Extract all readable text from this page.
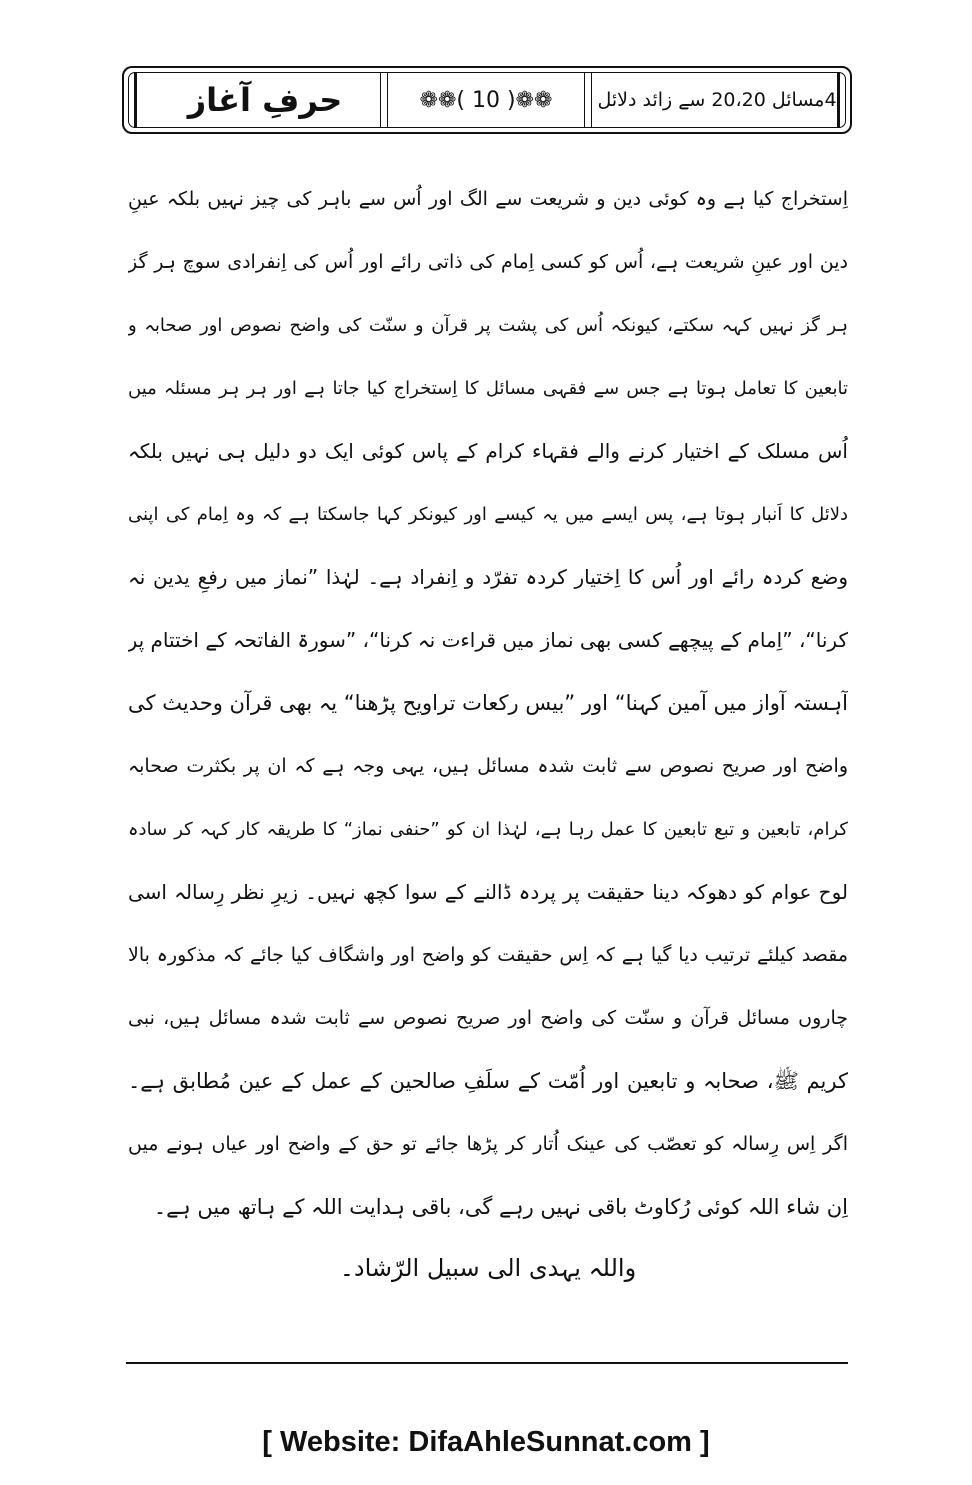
4مسائل 20،20 سے زائد دلائل
❁❁( 10 )❁❁
حرفِ آغاز
اِستخراج کیا ہے وہ کوئی دین و شریعت سے الگ اور اُس سے باہر کی چیز نہیں بلکہ عینِ
دین اور عینِ شریعت ہے، اُس کو کسی اِمام کی ذاتی رائے اور اُس کی اِنفرادی سوچ ہر گز
ہر گز نہیں کہہ سکتے، کیونکہ اُس کی پشت پر قرآن و سنّت کی واضح نصوص اور صحابہ و
تابعین کا تعامل ہوتا ہے جس سے فقہی مسائل کا اِستخراج کیا جاتا ہے اور ہر ہر مسئلہ میں
اُس مسلک کے اختیار کرنے والے فقہاء کرام کے پاس کوئی ایک دو دلیل ہی نہیں بلکہ
دلائل کا اَنبار ہوتا ہے، پس ایسے میں یہ کیسے اور کیونکر کہا جاسکتا ہے کہ وہ اِمام کی اپنی
وضع کردہ رائے اور اُس کا اِختیار کردہ تفرّد و اِنفراد ہے۔ لہٰذا ”نماز میں رفعِ یدین نہ
کرنا“، ”اِمام کے پیچھے کسی بھی نماز میں قراءت نہ کرنا“، ”سورۃ الفاتحہ کے اختتام پر
آہستہ آواز میں آمین کہنا“ اور ”بیس رکعات تراویح پڑھنا“ یہ بھی قرآن وحدیث کی
واضح اور صریح نصوص سے ثابت شدہ مسائل ہیں، یہی وجہ ہے کہ ان پر بکثرت صحابہ
کرام، تابعین و تبع تابعین کا عمل رہا ہے، لہٰذا ان کو ”حنفی نماز“ کا طریقہ کار کہہ کر سادہ
لوح عوام کو دھوکہ دینا حقیقت پر پردہ ڈالنے کے سوا کچھ نہیں۔ زیرِ نظر رِسالہ اسی
مقصد کیلئے ترتیب دیا گیا ہے کہ اِس حقیقت کو واضح اور واشگاف کیا جائے کہ مذکورہ بالا
چاروں مسائل قرآن و سنّت کی واضح اور صریح نصوص سے ثابت شدہ مسائل ہیں، نبی
کریم ﷺ، صحابہ و تابعین اور اُمّت کے سلَفِ صالحین کے عمل کے عین مُطابق ہے۔
اگر اِس رِسالہ کو تعصّب کی عینک اُتار کر پڑھا جائے تو حق کے واضح اور عیاں ہونے میں
اِن شاء اللہ کوئی رُکاوٹ باقی نہیں رہے گی، باقی ہدایت اللہ کے ہاتھ میں ہے۔
واللہ یہدی الی سبیل الرّشاد۔
[ Website: DifaAhleSunnat.com ]
